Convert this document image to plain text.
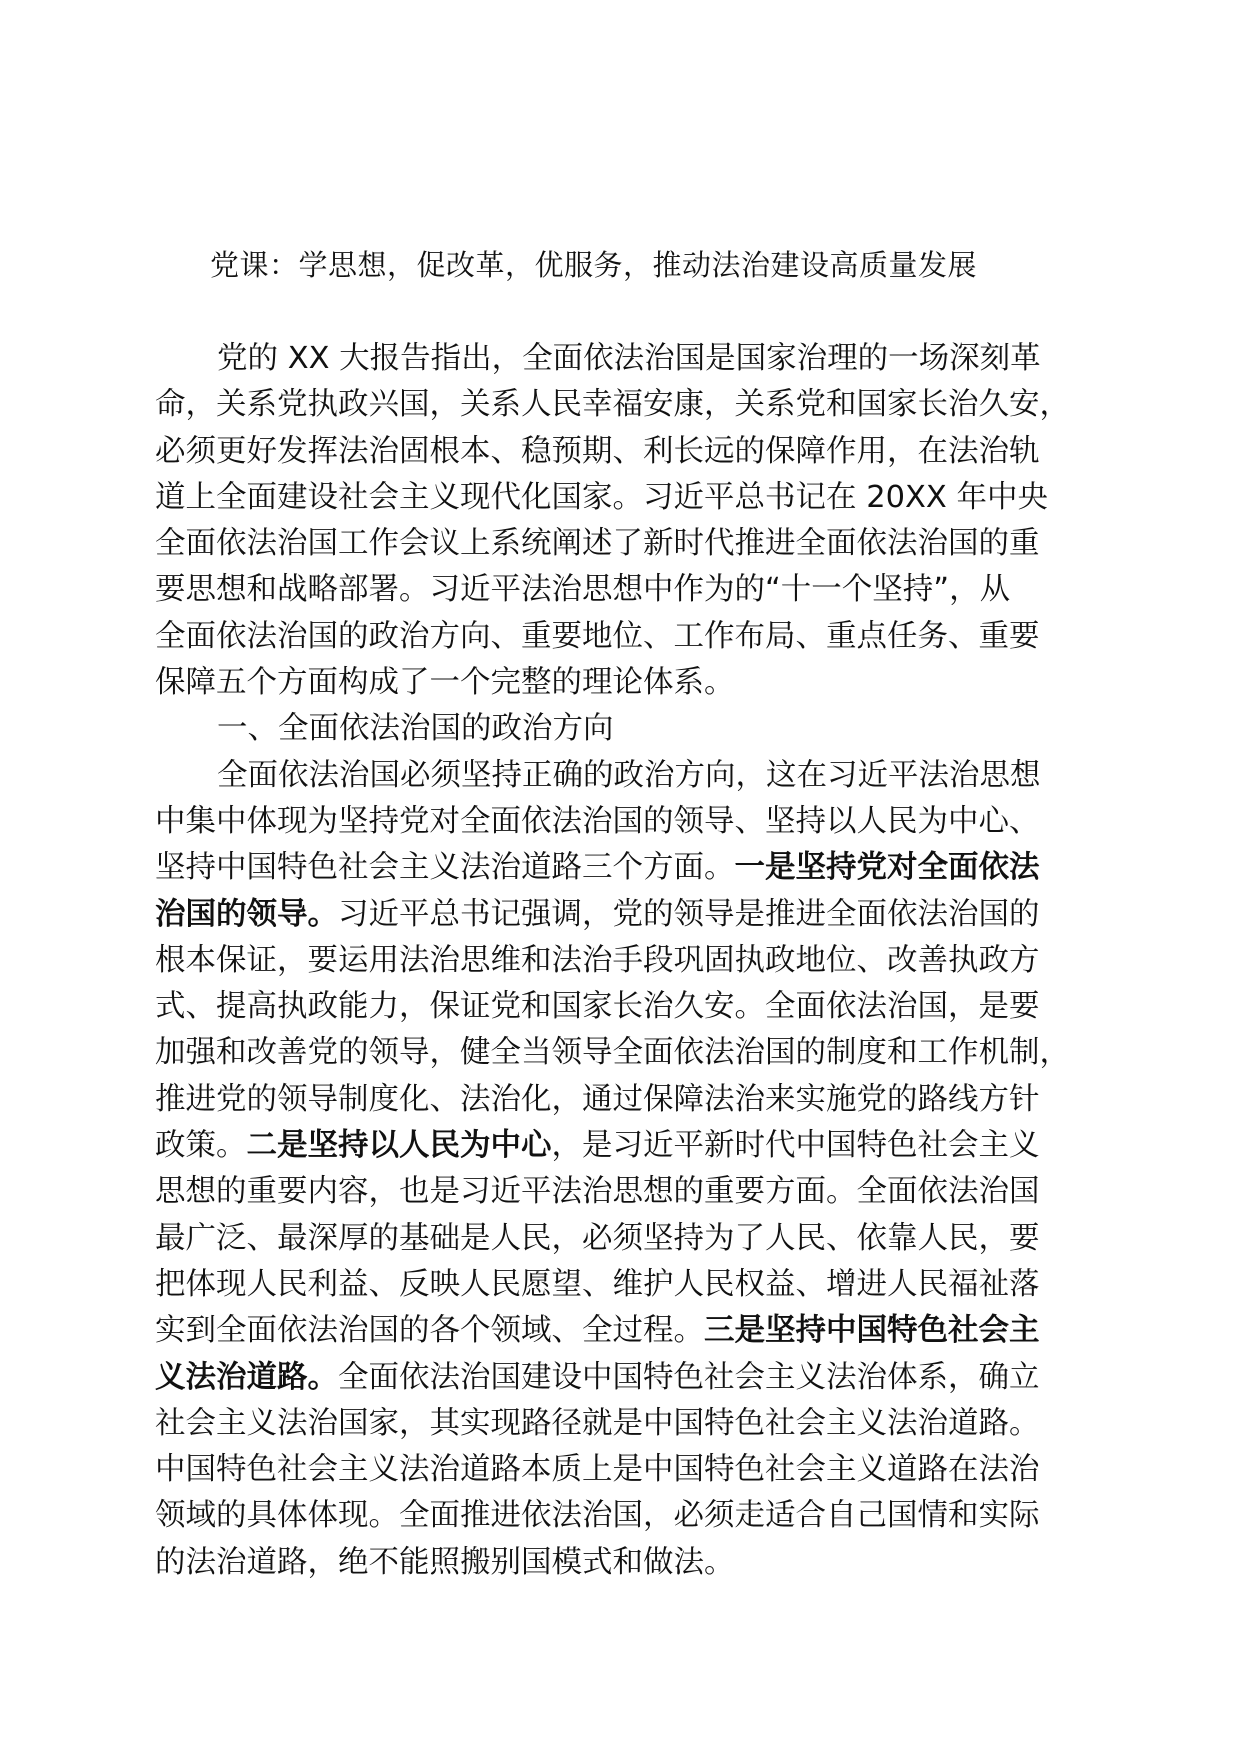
党课：学思想，促改革，优服务，推动法治建设高质量发展
党的 XX 大报告指出，全面依法治国是国家治理的一场深刻革
命，关系党执政兴国，关系人民幸福安康，关系党和国家长治久安，
必须更好发挥法治固根本、稳预期、利长远的保障作用，在法治轨
道上全面建设社会主义现代化国家。习近平总书记在 20XX 年中央
全面依法治国工作会议上系统阐述了新时代推进全面依法治国的重
要思想和战略部署。习近平法治思想中作为的“十一个坚持”，从
全面依法治国的政治方向、重要地位、工作布局、重点任务、重要
保障五个方面构成了一个完整的理论体系。
一、全面依法治国的政治方向
全面依法治国必须坚持正确的政治方向，这在习近平法治思想
中集中体现为坚持党对全面依法治国的领导、坚持以人民为中心、
坚持中国特色社会主义法治道路三个方面。一是坚持党对全面依法
治国的领导。习近平总书记强调，党的领导是推进全面依法治国的
根本保证，要运用法治思维和法治手段巩固执政地位、改善执政方
式、提高执政能力，保证党和国家长治久安。全面依法治国，是要
加强和改善党的领导，健全当领导全面依法治国的制度和工作机制，
推进党的领导制度化、法治化，通过保障法治来实施党的路线方针
政策。二是坚持以人民为中心，是习近平新时代中国特色社会主义
思想的重要内容，也是习近平法治思想的重要方面。全面依法治国
最广泛、最深厚的基础是人民，必须坚持为了人民、依靠人民，要
把体现人民利益、反映人民愿望、维护人民权益、增进人民福祉落
实到全面依法治国的各个领域、全过程。三是坚持中国特色社会主
义法治道路。全面依法治国建设中国特色社会主义法治体系，确立
社会主义法治国家，其实现路径就是中国特色社会主义法治道路。
中国特色社会主义法治道路本质上是中国特色社会主义道路在法治
领域的具体体现。全面推进依法治国，必须走适合自己国情和实际
的法治道路，绝不能照搬别国模式和做法。
